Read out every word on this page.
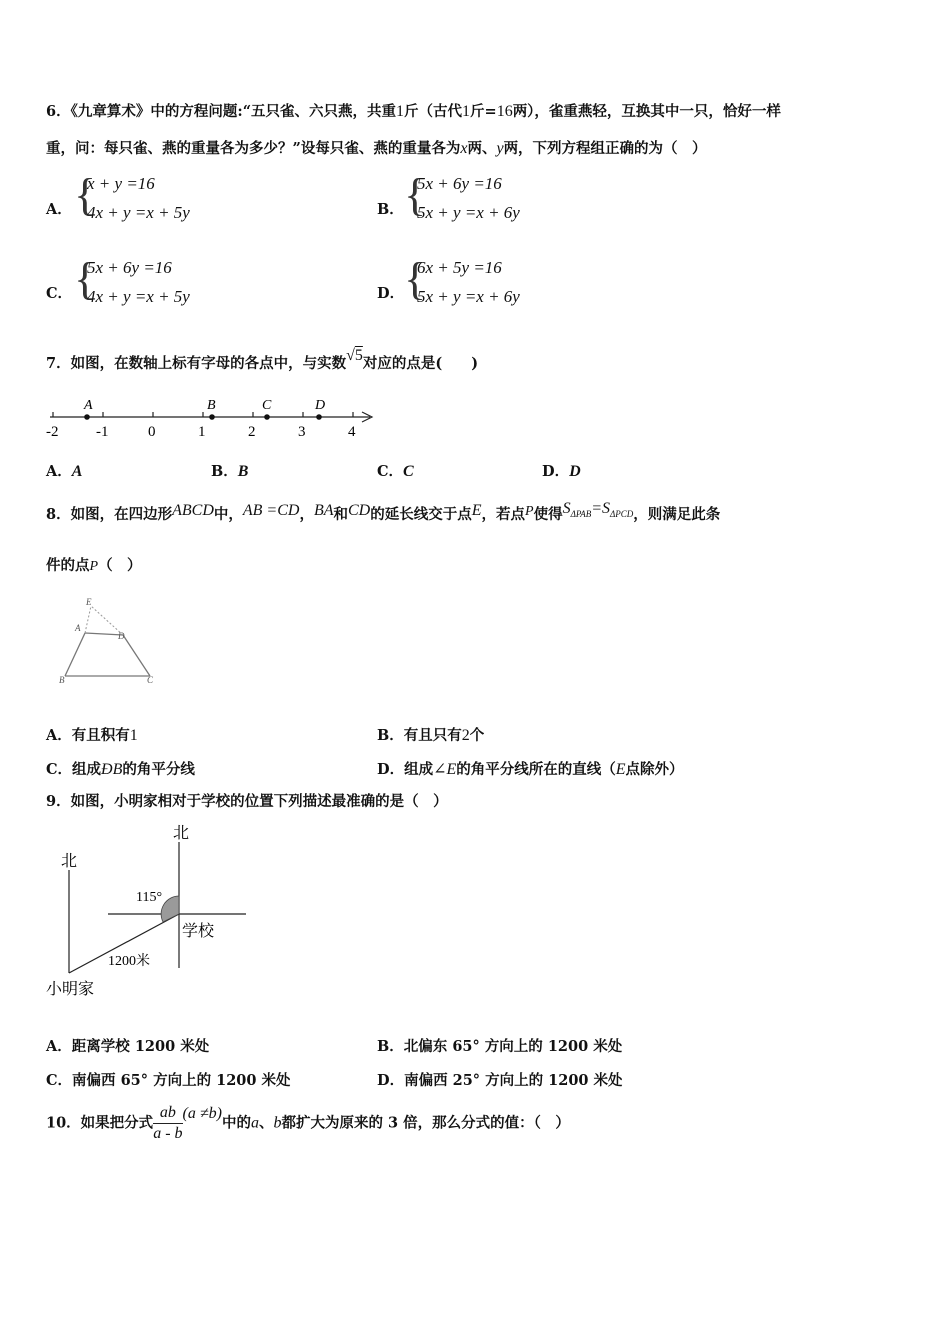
6．《九章算术》中的方程问题:“五只雀、六只燕，共重1斤（古代1斤=16两），雀重燕轻，互换其中一只，恰好一样
重，问：每只雀、燕的重量各为多少？”设每只雀、燕的重量各为x两、y两，下列方程组正确的为（　）
A． {
x + y =16
4x + y =x + 5y	B． {
5x + 6y =16
5x + y =x + 6y
C． {
5x + 6y =16
4x + y =x + 5y	D． {
6x + 5y =16
5x + y =x + 6y
7．如图，在数轴上标有字母的各点中，与实数√5对应的点是(　　)
A	B	C	D
-2	-1	0	1	2	3	4
A．A	B．B	C．C	D．D
8．如图，在四边形ABCD中，AB =CD，BA和CD的延长线交于点E，若点P使得SΔPAB=SΔPCD，则满足此条
件的点P（　）
E
A
D
B	C
A．有且积有1	B．有且只有2个
C．组成ÐB的角平分线	D．组成∠E的角平分线所在的直线（E点除外）
9．如图，小明家相对于学校的位置下列描述最准确的是（　）
北
北
115°
学校
1200米
小明家
A．距离学校 1200 米处	B．北偏东 65° 方向上的 1200 米处
C．南偏西 65° 方向上的 1200 米处	D．南偏西 25° 方向上的 1200 米处
10．如果把分式 $\frac{ab}{a - b} (a \ne b)$中的a、b都扩大为原来的 3 倍，那么分式的值：（　）
